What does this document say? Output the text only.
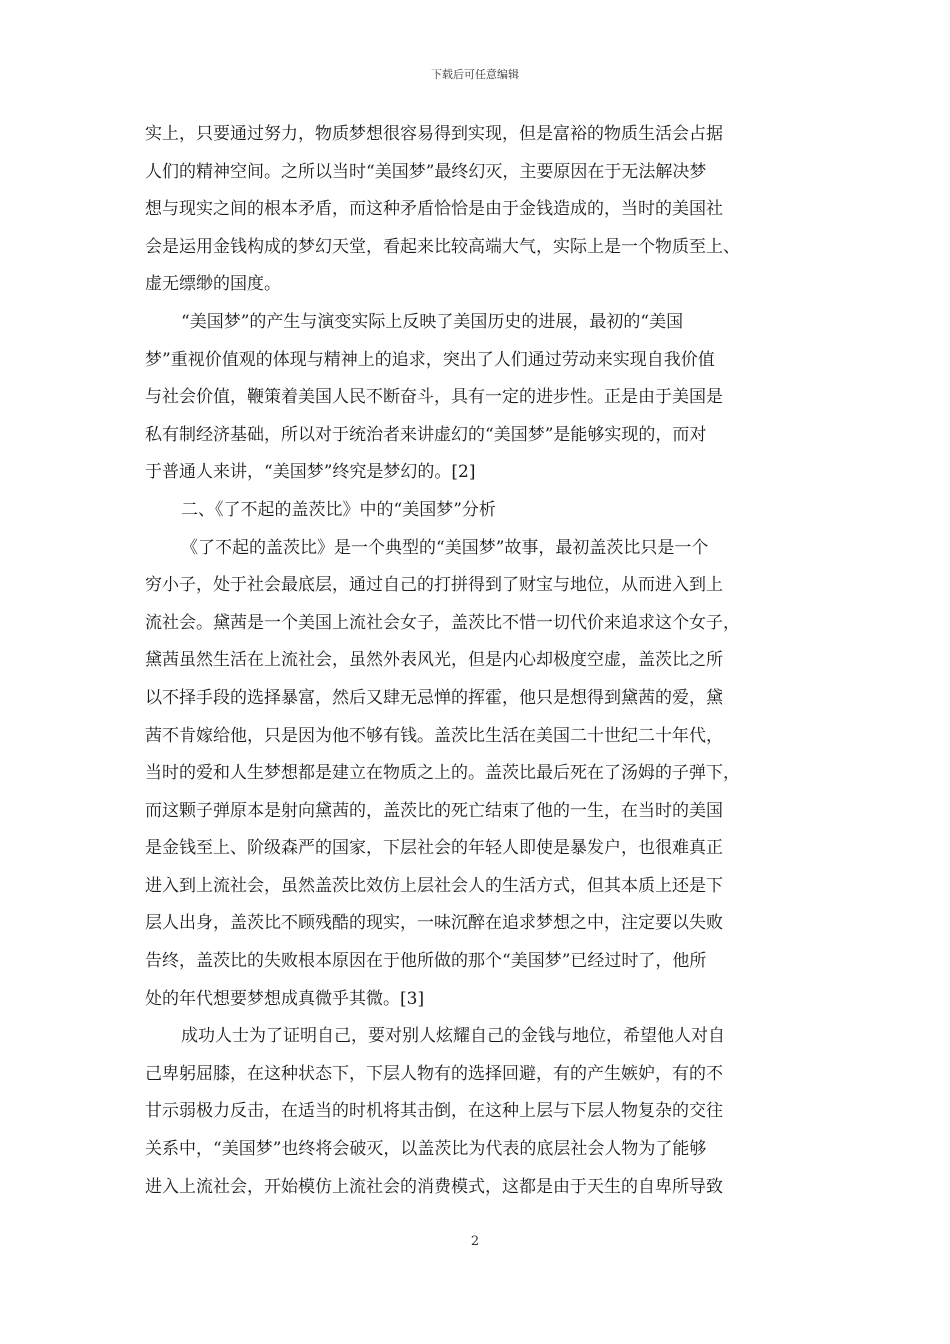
下载后可任意编辑
实上，只要通过努力，物质梦想很容易得到实现，但是富裕的物质生活会占据
人们的精神空间。之所以当时“美国梦”最终幻灭，主要原因在于无法解决梦
想与现实之间的根本矛盾，而这种矛盾恰恰是由于金钱造成的，当时的美国社
会是运用金钱构成的梦幻天堂，看起来比较高端大气，实际上是一个物质至上、
虚无缥缈的国度。
“美国梦”的产生与演变实际上反映了美国历史的进展，最初的“美国
梦”重视价值观的体现与精神上的追求，突出了人们通过劳动来实现自我价值
与社会价值，鞭策着美国人民不断奋斗，具有一定的进步性。正是由于美国是
私有制经济基础，所以对于统治者来讲虚幻的“美国梦”是能够实现的，而对
于普通人来讲，“美国梦”终究是梦幻的。[2]
二、《了不起的盖茨比》中的“美国梦”分析
《了不起的盖茨比》是一个典型的“美国梦”故事，最初盖茨比只是一个
穷小子，处于社会最底层，通过自己的打拼得到了财宝与地位，从而进入到上
流社会。黛茜是一个美国上流社会女子，盖茨比不惜一切代价来追求这个女子，
黛茜虽然生活在上流社会，虽然外表风光，但是内心却极度空虚，盖茨比之所
以不择手段的选择暴富，然后又肆无忌惮的挥霍，他只是想得到黛茜的爱，黛
茜不肯嫁给他，只是因为他不够有钱。盖茨比生活在美国二十世纪二十年代，
当时的爱和人生梦想都是建立在物质之上的。盖茨比最后死在了汤姆的子弹下，
而这颗子弹原本是射向黛茜的，盖茨比的死亡结束了他的一生，在当时的美国
是金钱至上、阶级森严的国家，下层社会的年轻人即使是暴发户，也很难真正
进入到上流社会，虽然盖茨比效仿上层社会人的生活方式，但其本质上还是下
层人出身，盖茨比不顾残酷的现实，一味沉醉在追求梦想之中，注定要以失败
告终，盖茨比的失败根本原因在于他所做的那个“美国梦”已经过时了，他所
处的年代想要梦想成真微乎其微。[3]
成功人士为了证明自己，要对别人炫耀自己的金钱与地位，希望他人对自
己卑躬屈膝，在这种状态下，下层人物有的选择回避，有的产生嫉妒，有的不
甘示弱极力反击，在适当的时机将其击倒，在这种上层与下层人物复杂的交往
关系中，“美国梦”也终将会破灭，以盖茨比为代表的底层社会人物为了能够
进入上流社会，开始模仿上流社会的消费模式，这都是由于天生的自卑所导致
2
